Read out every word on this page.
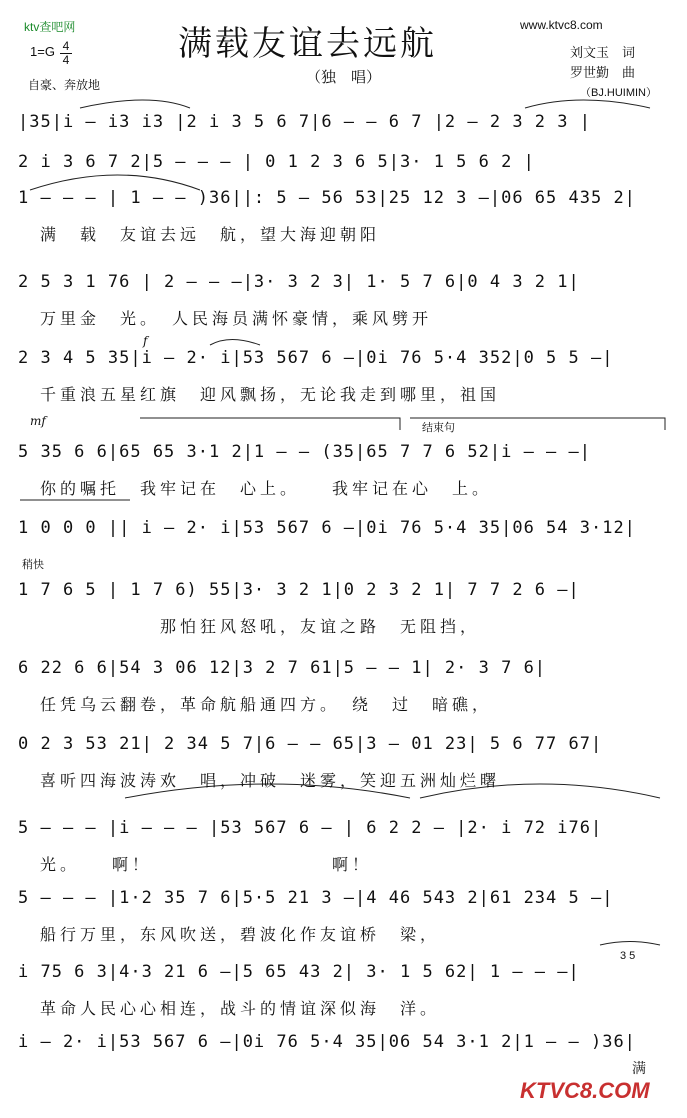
ktv查吧网
1=G 4
4
自豪、奔放地
满载友谊去远航
（独　唱）
www.ktvc8.com
刘文玉　词
罗世勤　曲
（BJ.HUIMIN）
|35|i – i3 i3 |2 i 3 5 6 7|6 – – 6 7 |2 – 2 3 2 3 |
2 i 3 6 7 2|5 – – – | 0 1 2 3 6 5|3· 1 5 6 2 |
1 – – – | 1 – – )36||: 5 – 56 53|25 12 3 –|06 65 435 2|
满　载　友谊去远　航，望大海迎朝阳
2 5 3 1 76 | 2 – – –|3· 3 2 3| 1· 5 7 6|0 4 3 2 1|
万里金　光。　人民海员满怀豪情，乘风劈开
2 3 4 5 35|i – 2· i|53 567 6 –|0i 76 5·4 352|0 5 5 –|
千重浪五星红旗　迎风飘扬，无论我走到哪里，祖国
5 35 6 6|65 65 3·1 2|1 – – (35|65 7 7 6 52|i – – –|
你的嘱托　我牢记在　心上。　　我牢记在心　上。
1 0 0 0 || i – 2· i|53 567 6 –|0i 76 5·4 35|06 54 3·12|
1 7 6 5 | 1 7 6) 55|3· 3 2 1|0 2 3 2 1| 7 7 2 6 –|
　　　　　　那怕狂风怒吼，友谊之路　无阻挡，
6 22 6 6|54 3 06 12|3 2 7 61|5 – – 1| 2· 3 7 6|
任凭乌云翻卷，革命航船通四方。　绕　过　暗礁，
0 2 3 53 21| 2 34 5 7|6 – – 65|3 – 01 23| 5 6 77 67|
喜听四海波涛欢　唱，冲破　迷雾，笑迎五洲灿烂曙
5 – – – |i – – – |53 567 6 – | 6 2 2 – |2· i 72 i76|
光。　　啊！　　　　　　　　　啊！
5 – – – |1·2 35 7 6|5·5 21 3 –|4 46 543 2|61 234 5 –|
船行万里，东风吹送，碧波化作友谊桥　梁，
i 75 6 3|4·3 21 6 –|5 65 43 2| 3· 1 5 62| 1 – – –|
革命人民心心相连，战斗的情谊深似海　洋。
i – 2· i|53 567 6 –|0i 76 5·4 35|06 54 3·1 2|1 – – )36|
f
mf	结束句
稍快
3 5
满
KTVC8.COM
